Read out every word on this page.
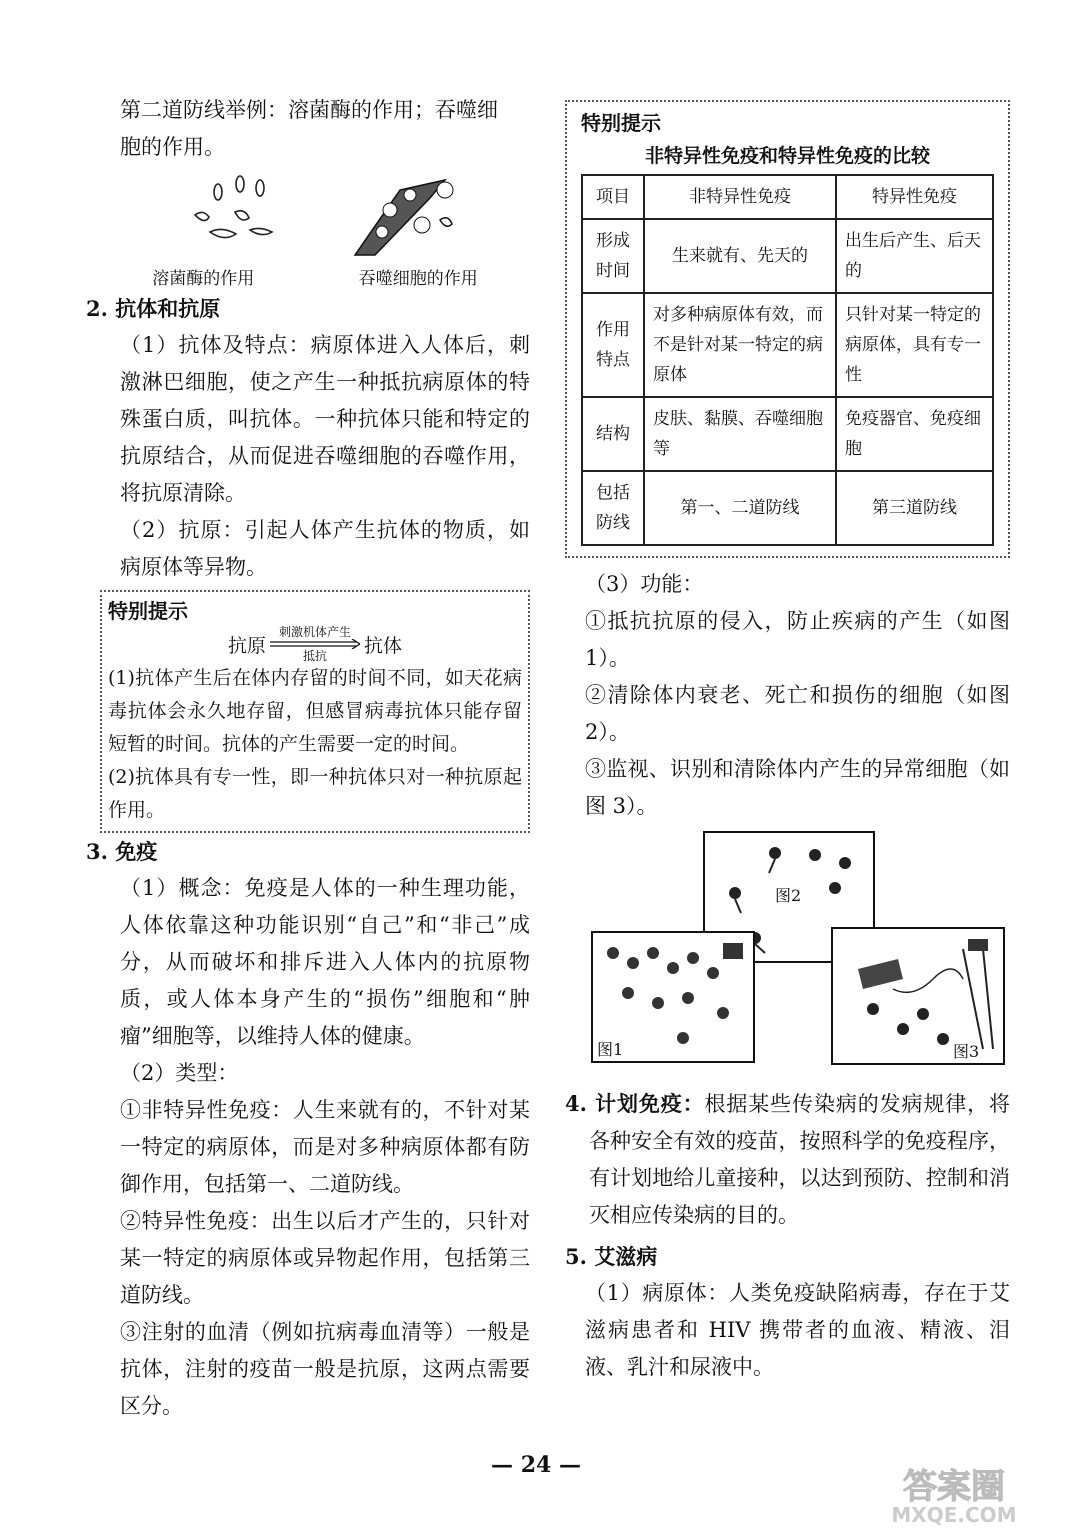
第二道防线举例：溶菌酶的作用；吞噬细

胞的作用。

溶菌酶的作用	吞噬细胞的作用

2. 抗体和抗原

（1）抗体及特点：病原体进入人体后，刺激淋巴细胞，使之产生一种抵抗病原体的特殊蛋白质，叫抗体。一种抗体只能和特定的抗原结合，从而促进吞噬细胞的吞噬作用，将抗原清除。

（2）抗原：引起人体产生抗体的物质，如病原体等异物。

特别提示
抗原
刺激机体产生
抵抗 抗体

(1)抗体产生后在体内存留的时间不同，如天花病毒抗体会永久地存留，但感冒病毒抗体只能存留短暂的时间。抗体的产生需要一定的时间。

(2)抗体具有专一性，即一种抗体只对一种抗原起作用。

3. 免疫

（1）概念：免疫是人体的一种生理功能，人体依靠这种功能识别“自己”和“非己”成分，从而破坏和排斥进入人体内的抗原物质，或人体本身产生的“损伤”细胞和“肿瘤”细胞等，以维持人体的健康。

（2）类型：

①非特异性免疫：人生来就有的，不针对某一特定的病原体，而是对多种病原体都有防御作用，包括第一、二道防线。

②特异性免疫：出生以后才产生的，只针对某一特定的病原体或异物起作用，包括第三道防线。

③注射的血清（例如抗病毒血清等）一般是抗体，注射的疫苗一般是抗原，这两点需要区分。

特别提示
非特异性免疫和特异性免疫的比较
项目	非特异性免疫	特异性免疫
形成时间	生来就有、先天的	出生后产生、后天的
作用特点	对多种病原体有效，而不是针对某一特定的病原体	只针对某一特定的病原体，具有专一性
结构	皮肤、黏膜、吞噬细胞等	免疫器官、免疫细胞
包括防线	第一、二道防线	第三道防线

（3）功能：

①抵抗抗原的侵入，防止疾病的产生（如图 1）。

②清除体内衰老、死亡和损伤的细胞（如图 2）。

③监视、识别和清除体内产生的异常细胞（如图 3）。

图2
图1	图3

4. 计划免疫：根据某些传染病的发病规律，将各种安全有效的疫苗，按照科学的免疫程序，有计划地给儿童接种，以达到预防、控制和消灭相应传染病的目的。

5. 艾滋病

（1）病原体：人类免疫缺陷病毒，存在于艾滋病患者和 HIV 携带者的血液、精液、泪液、乳汁和尿液中。

— 24 —
答案圈
MXQE.COM
